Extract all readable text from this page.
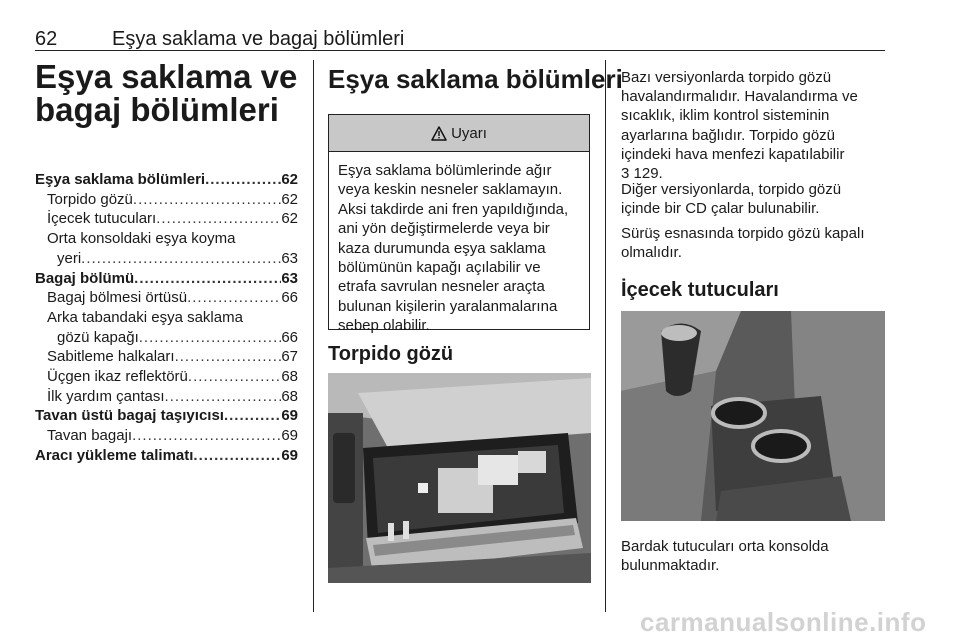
62	Eşya saklama ve bagaj bölümleri
Eşya saklama ve
bagaj bölümleri
Eşya saklama bölümleri .....	62
Torpido gözü .....	62
İçecek tutucuları .....	62
Orta konsoldaki eşya koyma
yeri .....	63
Bagaj bölümü .....	63
Bagaj bölmesi örtüsü .....	66
Arka tabandaki eşya saklama
gözü kapağı .....	66
Sabitleme halkaları .....	67
Üçgen ikaz reflektörü .....	68
İlk yardım çantası .....	68
Tavan üstü bagaj taşıyıcısı .....	69
Tavan bagajı .....	69
Aracı yükleme talimatı .....	69
Eşya saklama bölümleri
Uyarı
Eşya saklama bölümlerinde ağır
veya keskin nesneler saklamayın.
Aksi takdirde ani fren yapıldığında,
ani yön değiştirmelerde veya bir
kaza durumunda eşya saklama
bölümünün kapağı açılabilir ve
etrafa savrulan nesneler araçta
bulunan kişilerin yaralanmalarına
sebep olabilir.
Torpido gözü
Bazı versiyonlarda torpido gözü
havalandırmalıdır. Havalandırma ve
sıcaklık, iklim kontrol sisteminin
ayarlarına bağlıdır. Torpido gözü
içindeki hava menfezi kapatılabilir
3 129.
Diğer versiyonlarda, torpido gözü
içinde bir CD çalar bulunabilir.
Sürüş esnasında torpido gözü kapalı
olmalıdır.
İçecek tutucuları
Bardak tutucuları orta konsolda
bulunmaktadır.
carmanualsonline.info
